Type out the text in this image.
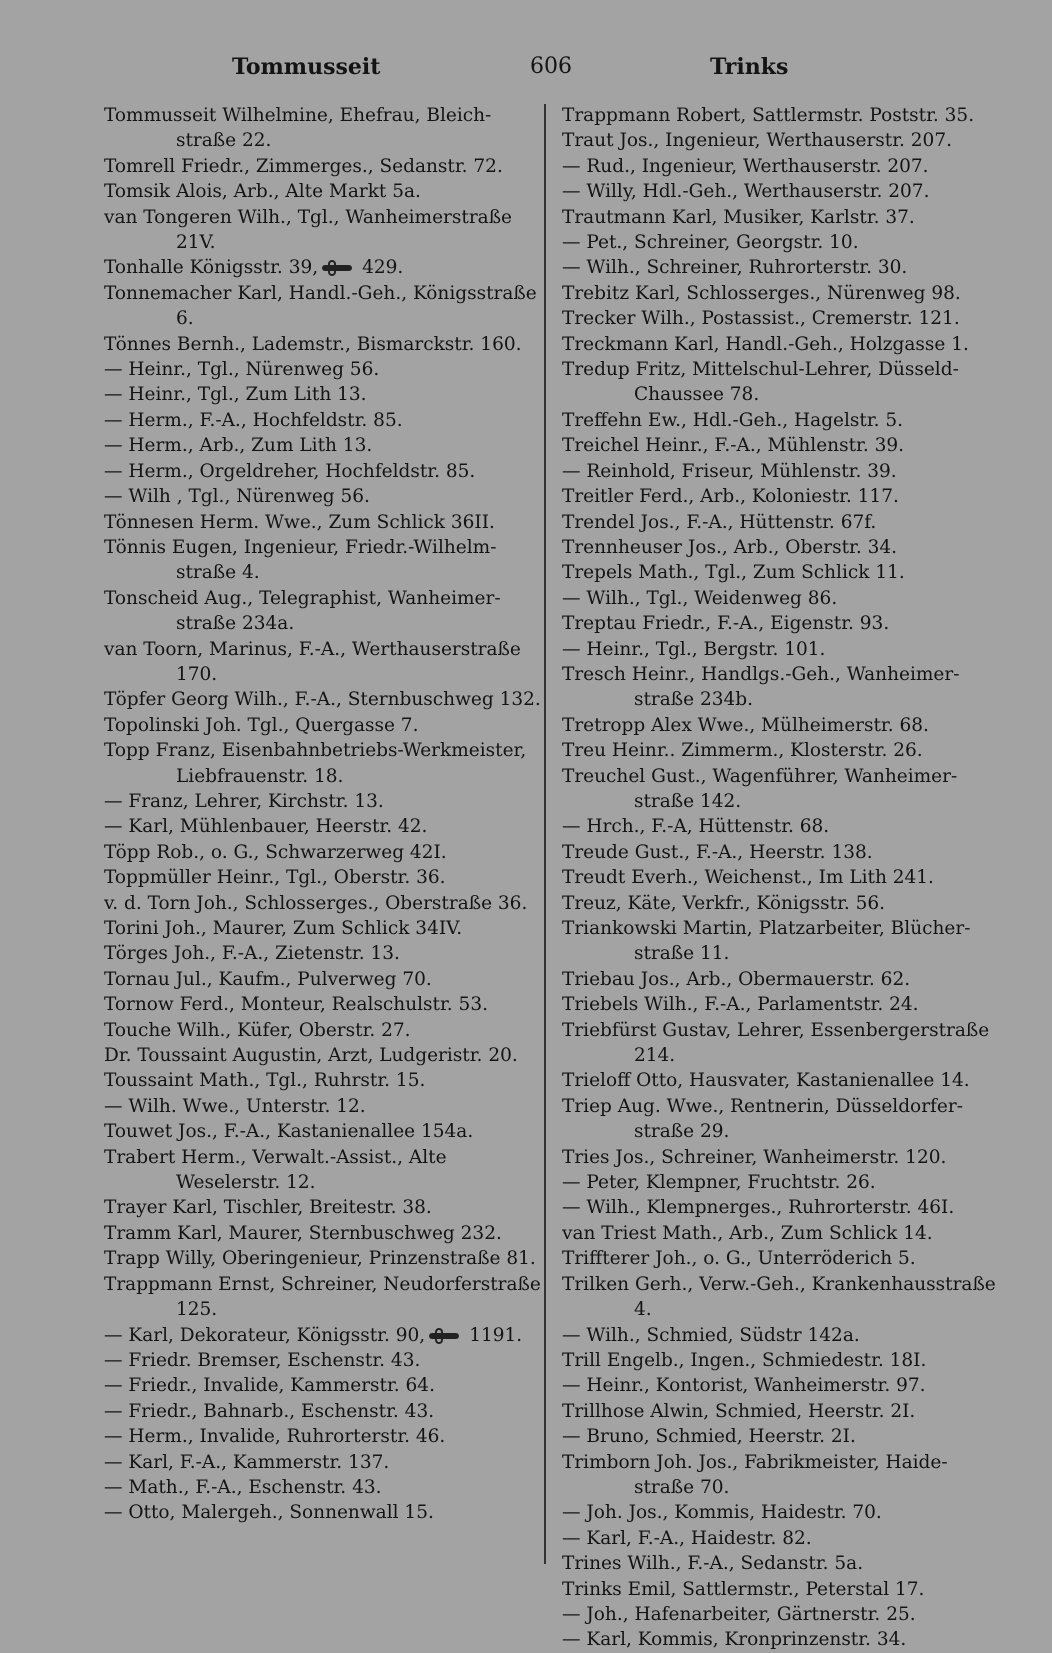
Tommusseit	606	Trinks
Tommusseit Wilhelmine, Ehefrau, Bleichstraße 22.
Tomrell Friedr., Zimmerges., Sedanstr. 72.
Tomsik Alois, Arb., Alte Markt 5a.
van Tongeren Wilh., Tgl., Wanheimerstraße 21V.
Tonhalle Königsstr. 39, 429.
Tonnemacher Karl, Handl.-Geh., Königsstraße 6.
Tönnes Bernh., Lademstr., Bismarckstr. 160.
— Heinr., Tgl., Nürenweg 56.
— Heinr., Tgl., Zum Lith 13.
— Herm., F.-A., Hochfeldstr. 85.
— Herm., Arb., Zum Lith 13.
— Herm., Orgeldreher, Hochfeldstr. 85.
— Wilh , Tgl., Nürenweg 56.
Tönnesen Herm. Wwe., Zum Schlick 36II.
Tönnis Eugen, Ingenieur, Friedr.-Wilhelmstraße 4.
Tonscheid Aug., Telegraphist, Wanheimerstraße 234a.
van Toorn, Marinus, F.-A., Werthauserstraße 170.
Töpfer Georg Wilh., F.-A., Sternbuschweg 132.
Topolinski Joh. Tgl., Quergasse 7.
Topp Franz, Eisenbahnbetriebs-Werkmeister, Liebfrauenstr. 18.
— Franz, Lehrer, Kirchstr. 13.
— Karl, Mühlenbauer, Heerstr. 42.
Töpp Rob., o. G., Schwarzerweg 42I.
Toppmüller Heinr., Tgl., Oberstr. 36.
v. d. Torn Joh., Schlosserges., Oberstraße 36.
Torini Joh., Maurer, Zum Schlick 34IV.
Törges Joh., F.-A., Zietenstr. 13.
Tornau Jul., Kaufm., Pulverweg 70.
Tornow Ferd., Monteur, Realschulstr. 53.
Touche Wilh., Küfer, Oberstr. 27.
Dr. Toussaint Augustin, Arzt, Ludgeristr. 20.
Toussaint Math., Tgl., Ruhrstr. 15.
— Wilh. Wwe., Unterstr. 12.
Touwet Jos., F.-A., Kastanienallee 154a.
Trabert Herm., Verwalt.-Assist., Alte Weselerstr. 12.
Trayer Karl, Tischler, Breitestr. 38.
Tramm Karl, Maurer, Sternbuschweg 232.
Trapp Willy, Oberingenieur, Prinzenstraße 81.
Trappmann Ernst, Schreiner, Neudorferstraße 125.
— Karl, Dekorateur, Königsstr. 90, 1191.
— Friedr. Bremser, Eschenstr. 43.
— Friedr., Invalide, Kammerstr. 64.
— Friedr., Bahnarb., Eschenstr. 43.
— Herm., Invalide, Ruhrorterstr. 46.
— Karl, F.-A., Kammerstr. 137.
— Math., F.-A., Eschenstr. 43.
— Otto, Malergeh., Sonnenwall 15.
Trappmann Robert, Sattlermstr. Poststr. 35.
Traut Jos., Ingenieur, Werthauserstr. 207.
— Rud., Ingenieur, Werthauserstr. 207.
— Willy, Hdl.-Geh., Werthauserstr. 207.
Trautmann Karl, Musiker, Karlstr. 37.
— Pet., Schreiner, Georgstr. 10.
— Wilh., Schreiner, Ruhrorterstr. 30.
Trebitz Karl, Schlosserges., Nürenweg 98.
Trecker Wilh., Postassist., Cremerstr. 121.
Treckmann Karl, Handl.-Geh., Holzgasse 1.
Tredup Fritz, Mittelschul-Lehrer, DüsseldChaussee 78.
Treffehn Ew., Hdl.-Geh., Hagelstr. 5.
Treichel Heinr., F.-A., Mühlenstr. 39.
— Reinhold, Friseur, Mühlenstr. 39.
Treitler Ferd., Arb., Koloniestr. 117.
Trendel Jos., F.-A., Hüttenstr. 67f.
Trennheuser Jos., Arb., Oberstr. 34.
Trepels Math., Tgl., Zum Schlick 11.
— Wilh., Tgl., Weidenweg 86.
Treptau Friedr., F.-A., Eigenstr. 93.
— Heinr., Tgl., Bergstr. 101.
Tresch Heinr., Handlgs.-Geh., Wanheimerstraße 234b.
Tretropp Alex Wwe., Mülheimerstr. 68.
Treu Heinr.. Zimmerm., Klosterstr. 26.
Treuchel Gust., Wagenführer, Wanheimerstraße 142.
— Hrch., F.-A, Hüttenstr. 68.
Treude Gust., F.-A., Heerstr. 138.
Treudt Everh., Weichenst., Im Lith 241.
Treuz, Käte, Verkfr., Königsstr. 56.
Triankowski Martin, Platzarbeiter, Blücherstraße 11.
Triebau Jos., Arb., Obermauerstr. 62.
Triebels Wilh., F.-A., Parlamentstr. 24.
Triebfürst Gustav, Lehrer, Essenbergerstraße 214.
Trieloff Otto, Hausvater, Kastanienallee 14.
Triep Aug. Wwe., Rentnerin, Düsseldorferstraße 29.
Tries Jos., Schreiner, Wanheimerstr. 120.
— Peter, Klempner, Fruchtstr. 26.
— Wilh., Klempnerges., Ruhrorterstr. 46I.
van Triest Math., Arb., Zum Schlick 14.
Triffterer Joh., o. G., Unterröderich 5.
Trilken Gerh., Verw.-Geh., Krankenhausstraße 4.
— Wilh., Schmied, Südstr 142a.
Trill Engelb., Ingen., Schmiedestr. 18I.
— Heinr., Kontorist, Wanheimerstr. 97.
Trillhose Alwin, Schmied, Heerstr. 2I.
— Bruno, Schmied, Heerstr. 2I.
Trimborn Joh. Jos., Fabrikmeister, Haidestraße 70.
— Joh. Jos., Kommis, Haidestr. 70.
— Karl, F.-A., Haidestr. 82.
Trines Wilh., F.-A., Sedanstr. 5a.
Trinks Emil, Sattlermstr., Peterstal 17.
— Joh., Hafenarbeiter, Gärtnerstr. 25.
— Karl, Kommis, Kronprinzenstr. 34.
